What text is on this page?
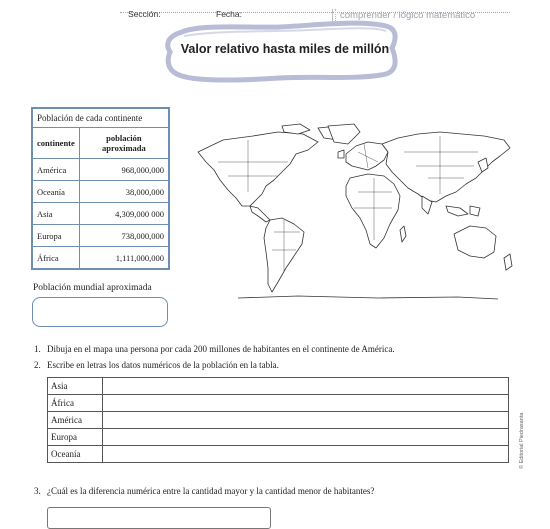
Sección:	Fecha:	comprender / lógico matemático
Valor relativo hasta miles de millón
Población de cada continente	
continente	población aproximada
América	968,000,000
Oceanía	38,000,000
Asia	4,309,000 000
Europa	738,000,000
África	1,111,000,000
Población mundial aproximada
1. Dibuja en el mapa una persona por cada 200 millones de habitantes en el continente de América.
2. Escribe en letras los datos numéricos de la población en la tabla.
Asia	
África	
América	
Europa	
Oceanía	
3. ¿Cuál es la diferencia numérica entre la cantidad mayor y la cantidad menor de habitantes?
© Editorial Piedrasanta
